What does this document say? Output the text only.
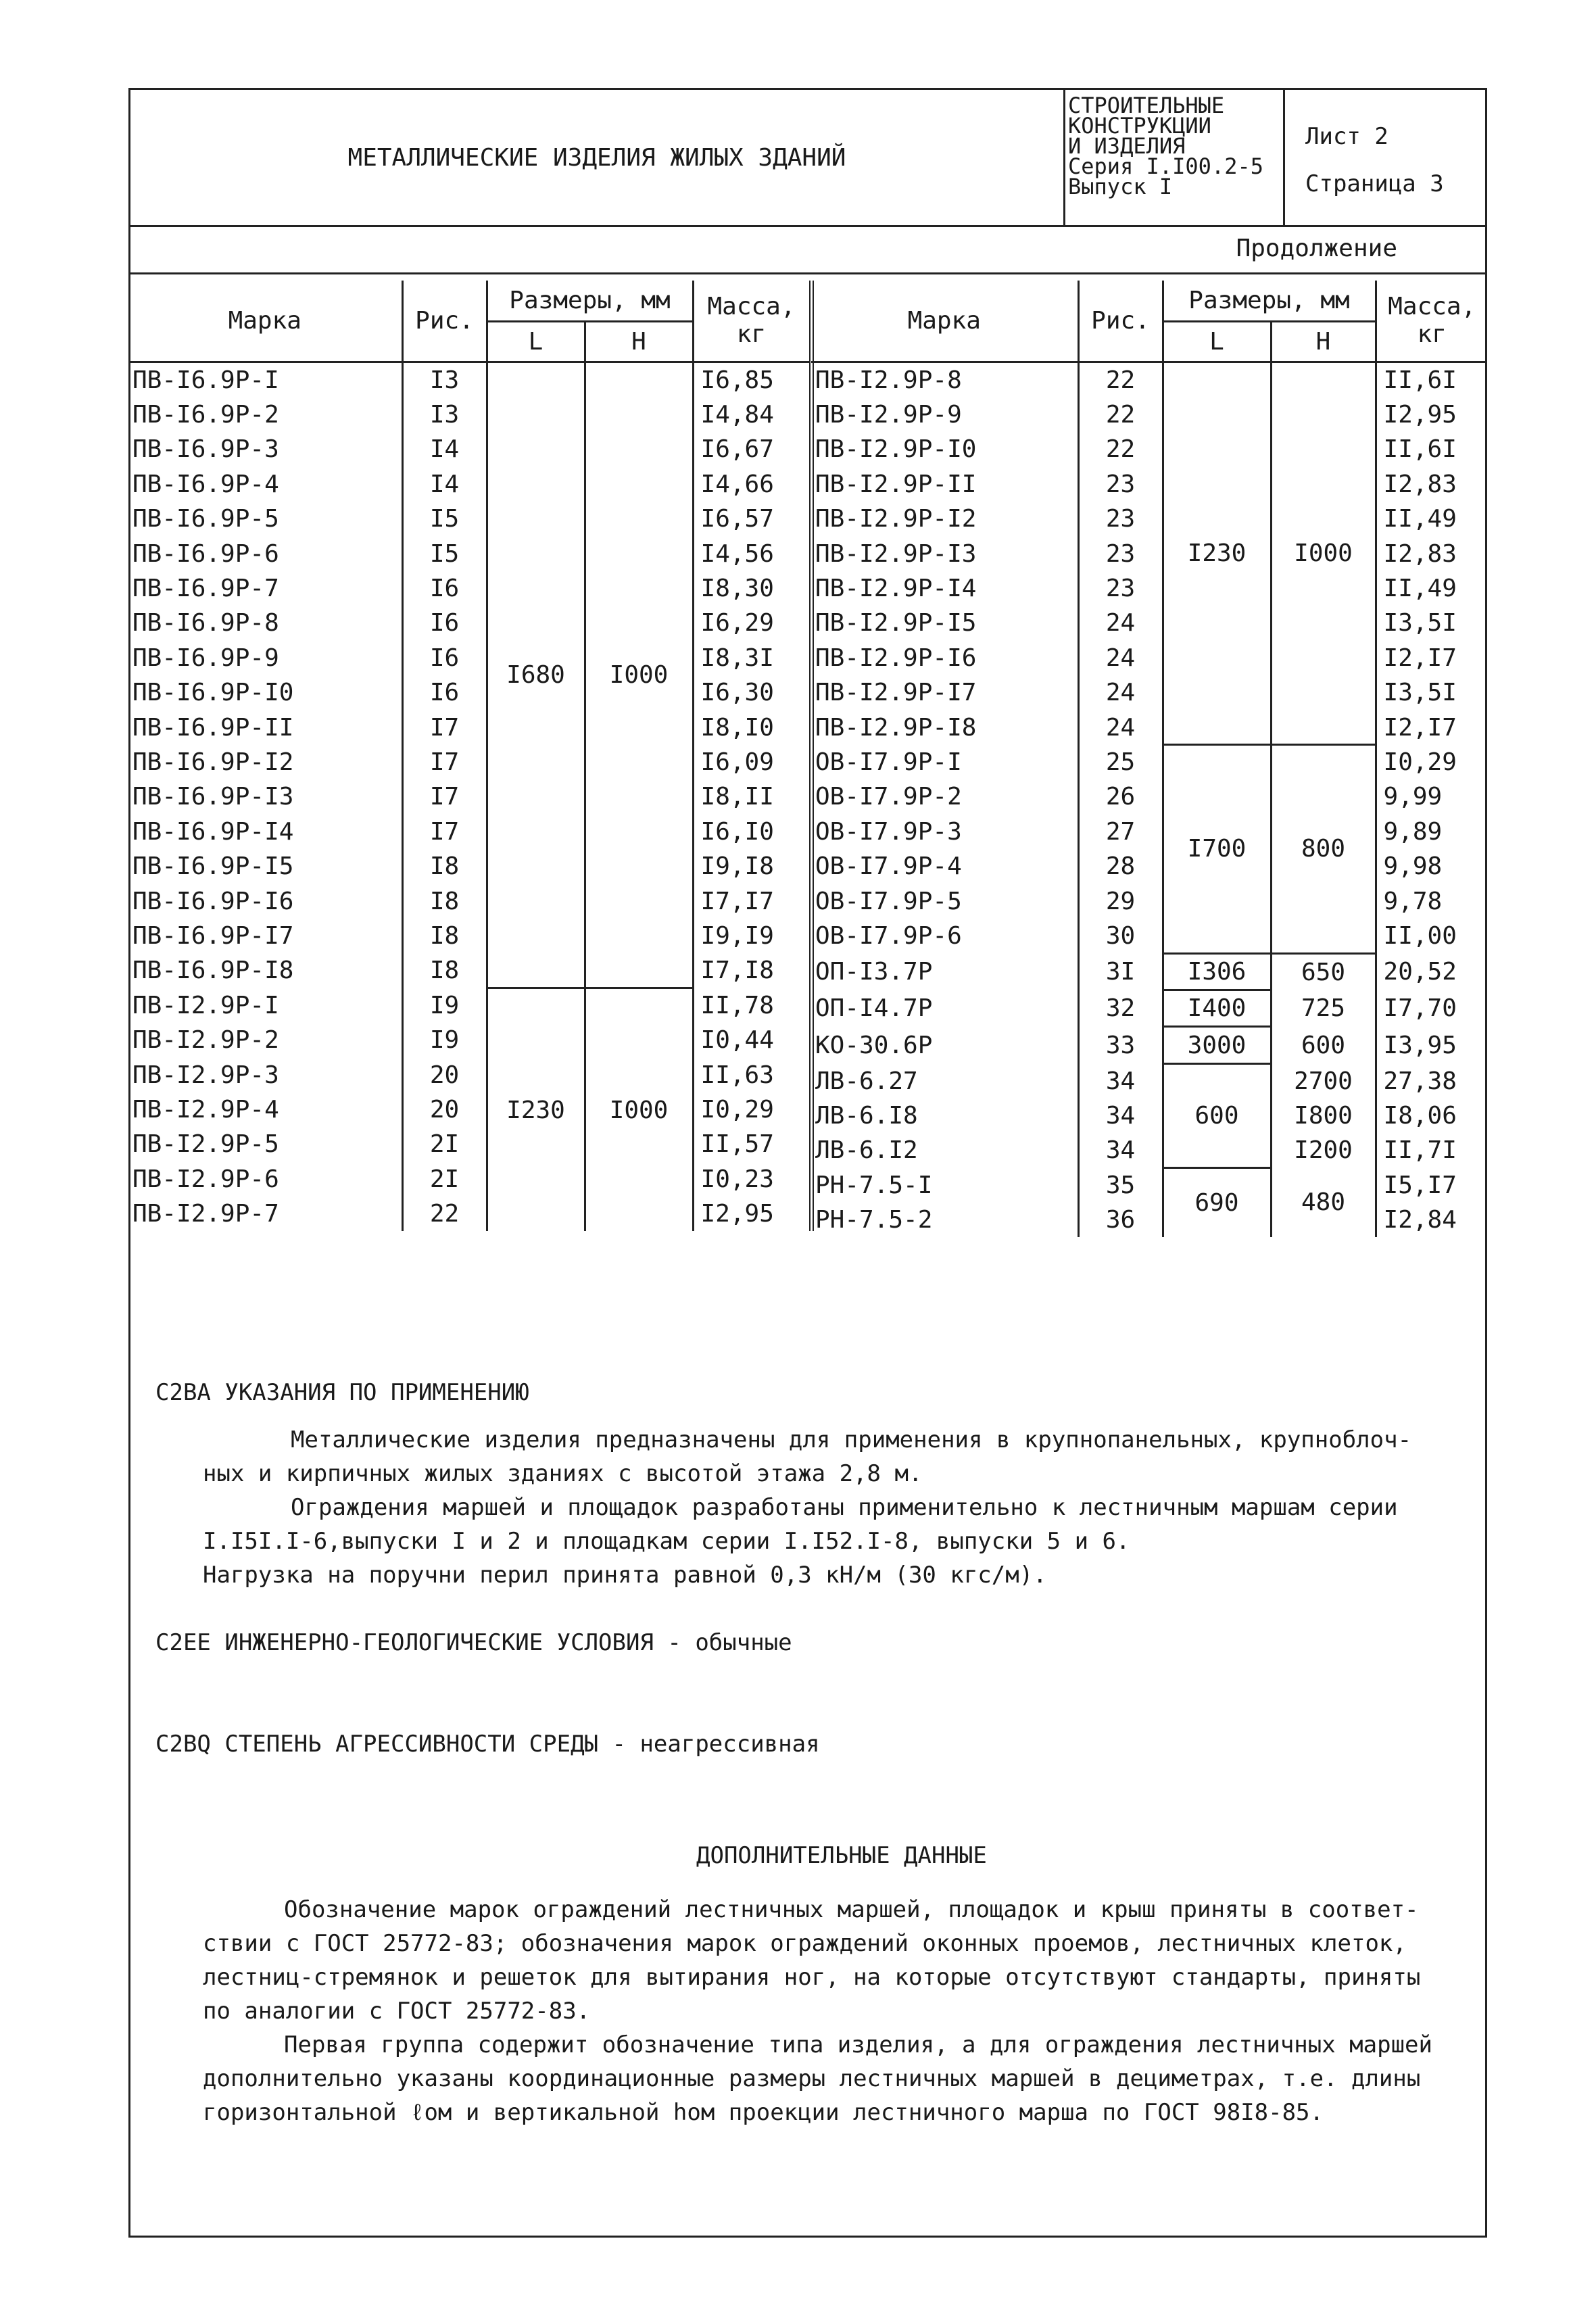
МЕТАЛЛИЧЕСКИЕ ИЗДЕЛИЯ ЖИЛЫХ ЗДАНИЙ
СТРОИТЕЛЬНЫЕ
КОНСТРУКЦИИ
И ИЗДЕЛИЯ
Серия I.I00.2-5
Выпуск I
Лист 2
Страница 3
Продолжение
Марка	Рис.	Размеры, мм		Масса, кг
		L	Н	
ПВ-I6.9Р-I	I3	I680	I000	I6,85
ПВ-I6.9Р-2	I3			I4,84
ПВ-I6.9Р-3	I4			I6,67
ПВ-I6.9Р-4	I4			I4,66
ПВ-I6.9Р-5	I5			I6,57
ПВ-I6.9Р-6	I5			I4,56
ПВ-I6.9Р-7	I6			I8,30
ПВ-I6.9Р-8	I6			I6,29
ПВ-I6.9Р-9	I6			I8,3I
ПВ-I6.9Р-I0	I6			I6,30
ПВ-I6.9Р-II	I7			I8,I0
ПВ-I6.9Р-I2	I7			I6,09
ПВ-I6.9Р-I3	I7			I8,II
ПВ-I6.9Р-I4	I7			I6,I0
ПВ-I6.9Р-I5	I8			I9,I8
ПВ-I6.9Р-I6	I8			I7,I7
ПВ-I6.9Р-I7	I8			I9,I9
ПВ-I6.9Р-I8	I8			I7,I8
ПВ-I2.9Р-I	I9	I230	I000	II,78
ПВ-I2.9Р-2	I9			I0,44
ПВ-I2.9Р-3	20			II,63
ПВ-I2.9Р-4	20			I0,29
ПВ-I2.9Р-5	2I			II,57
ПВ-I2.9Р-6	2I			I0,23
ПВ-I2.9Р-7	22			I2,95
Марка	Рис.	Размеры, мм		Масса, кг
		L	Н	
ПВ-I2.9Р-8	22	I230	I000	II,6I
ПВ-I2.9Р-9	22			I2,95
ПВ-I2.9Р-I0	22			II,6I
ПВ-I2.9Р-II	23			I2,83
ПВ-I2.9Р-I2	23			II,49
ПВ-I2.9Р-I3	23			I2,83
ПВ-I2.9Р-I4	23			II,49
ПВ-I2.9Р-I5	24			I3,5I
ПВ-I2.9Р-I6	24			I2,I7
ПВ-I2.9Р-I7	24			I3,5I
ПВ-I2.9Р-I8	24			I2,I7
ОВ-I7.9Р-I	25	I700	800	I0,29
ОВ-I7.9Р-2	26			9,99
ОВ-I7.9Р-3	27			9,89
ОВ-I7.9Р-4	28			9,98
ОВ-I7.9Р-5	29			9,78
ОВ-I7.9Р-6	30			II,00
ОП-I3.7Р	3I	I306	650	20,52
ОП-I4.7Р	32	I400	725	I7,70
КО-30.6Р	33	3000	600	I3,95
ЛВ-6.27	34	600	2700	27,38
ЛВ-6.I8	34		I800	I8,06
ЛВ-6.I2	34		I200	II,7I
РН-7.5-I	35	690	480	I5,I7
РН-7.5-2	36			I2,84
С2ВА УКАЗАНИЯ ПО ПРИМЕНЕНИЮ
Металлические изделия предназначены для применения в крупнопанельных, крупноблоч-
ных и кирпичных жилых зданиях с высотой этажа 2,8 м.
Ограждения маршей и площадок разработаны применительно к лестничным маршам серии
I.I5I.I-6,выпуски I и 2 и площадкам серии I.I52.I-8, выпуски 5 и 6.
Нагрузка на поручни перил принята равной 0,3 кН/м (30 кгс/м).
С2ЕЕ ИНЖЕНЕРНО-ГЕОЛОГИЧЕСКИЕ УСЛОВИЯ - обычные
С2ВQ СТЕПЕНЬ АГРЕССИВНОСТИ СРЕДЫ - неагрессивная
ДОПОЛНИТЕЛЬНЫЕ ДАННЫЕ

Обозначение марок ограждений лестничных маршей, площадок и крыш приняты в соответ- ствии с ГОСТ 25772-83; обозначения марок ограждений оконных проемов, лестничных клеток, лестниц-стремянок и решеток для вытирания ног, на которые отсутствуют стандарты, приняты по аналогии с ГОСТ 25772-83.

Первая группа содержит обозначение типа изделия, а для ограждения лестничных маршей дополнительно указаны координационные размеры лестничных маршей в дециметрах, т.е. длины горизонтальной ℓом и вертикальной hом проекции лестничного марша по ГОСТ 98I8-85.
